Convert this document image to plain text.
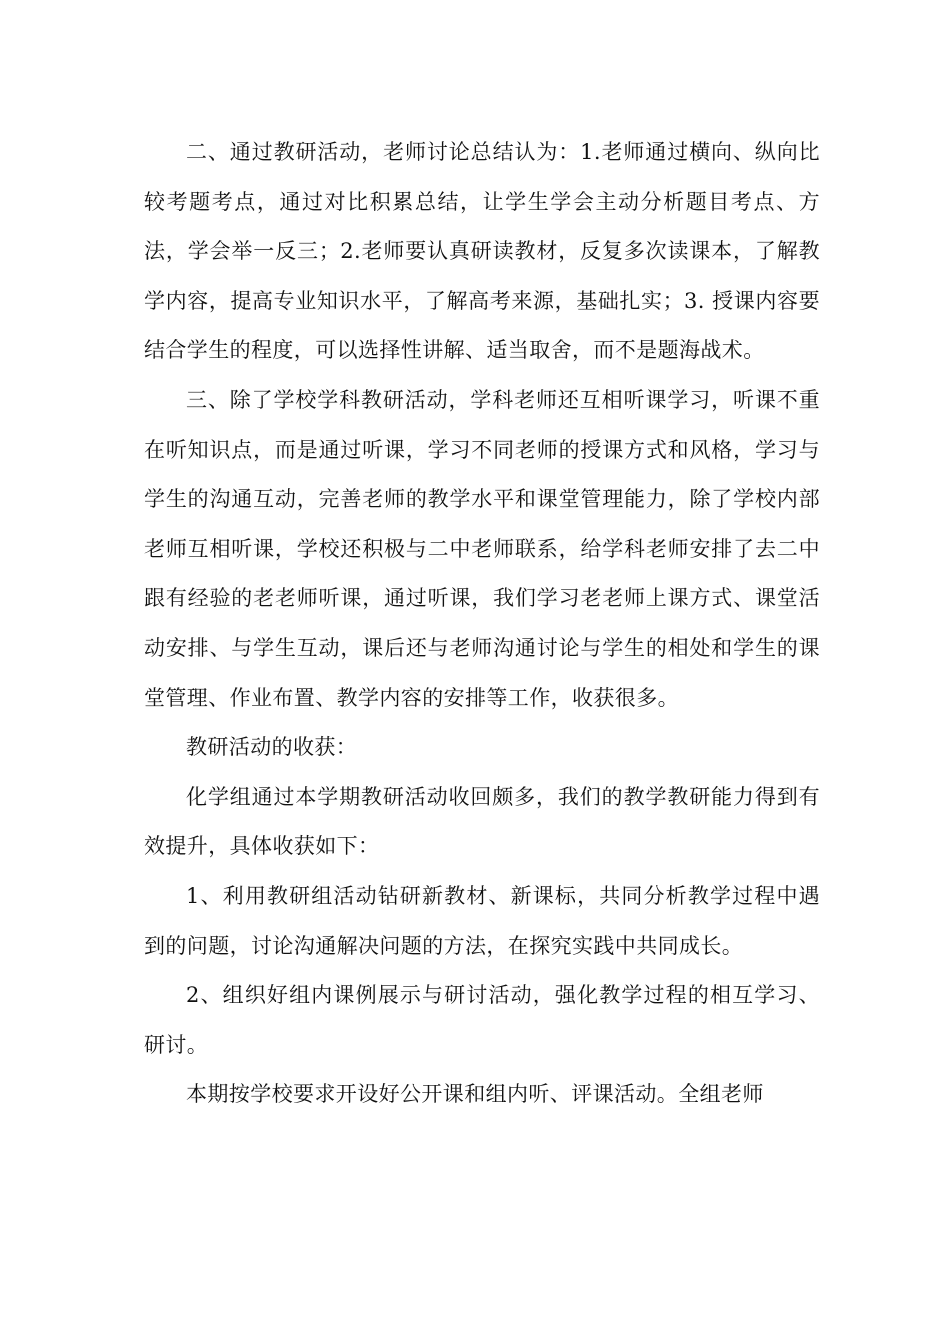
二、通过教研活动，老师讨论总结认为：1.老师通过横向、纵向比较考题考点，通过对比积累总结，让学生学会主动分析题目考点、方法，学会举一反三；2.老师要认真研读教材，反复多次读课本，了解教学内容，提高专业知识水平，了解高考来源，基础扎实；3. 授课内容要结合学生的程度，可以选择性讲解、适当取舍，而不是题海战术。

三、除了学校学科教研活动，学科老师还互相听课学习，听课不重在听知识点，而是通过听课，学习不同老师的授课方式和风格，学习与学生的沟通互动，完善老师的教学水平和课堂管理能力，除了学校内部老师互相听课，学校还积极与二中老师联系，给学科老师安排了去二中跟有经验的老老师听课，通过听课，我们学习老老师上课方式、课堂活动安排、与学生互动，课后还与老师沟通讨论与学生的相处和学生的课堂管理、作业布置、教学内容的安排等工作，收获很多。

教研活动的收获：

化学组通过本学期教研活动收回颇多，我们的教学教研能力得到有效提升，具体收获如下：

1、利用教研组活动钻研新教材、新课标，共同分析教学过程中遇到的问题，讨论沟通解决问题的方法，在探究实践中共同成长。

2、组织好组内课例展示与研讨活动，强化教学过程的相互学习、研讨。

本期按学校要求开设好公开课和组内听、评课活动。全组老师
